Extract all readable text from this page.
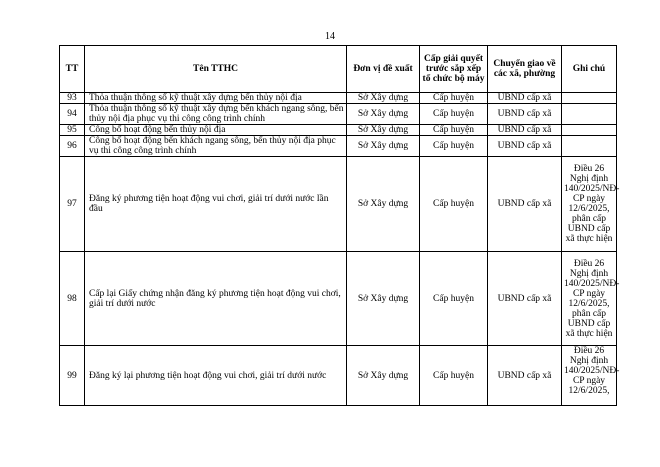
14
TT	Tên TTHC	Đơn vị đề xuất	Cấp giải quyết trước sắp xếp tổ chức bộ máy	Chuyển giao về các xã, phường	Ghi chú
93	Thỏa thuận thông số kỹ thuật xây dựng bến thủy nội địa	Sở Xây dựng	Cấp huyện	UBND cấp xã	
94	Thỏa thuận thông số kỹ thuật xây dựng bến khách ngang sông, bến thủy nội địa phục vụ thi công công trình chính	Sở Xây dựng	Cấp huyện	UBND cấp xã	
95	Công bố hoạt động bến thủy nội địa	Sở Xây dựng	Cấp huyện	UBND cấp xã	
96	Công bố hoạt động bến khách ngang sông, bến thủy nội địa phục vụ thi công công trình chính	Sở Xây dựng	Cấp huyện	UBND cấp xã	
97	Đăng ký phương tiện hoạt động vui chơi, giải trí dưới nước lần đầu	Sở Xây dựng	Cấp huyện	UBND cấp xã	Điều 26 Nghị định 140/2025/NĐ-CP ngày 12/6/2025, phân cấp UBND cấp xã thực hiện
98	Cấp lại Giấy chứng nhận đăng ký phương tiện hoạt động vui chơi, giải trí dưới nước	Sở Xây dựng	Cấp huyện	UBND cấp xã	Điều 26 Nghị định 140/2025/NĐ-CP ngày 12/6/2025, phân cấp UBND cấp xã thực hiện
99	Đăng ký lại phương tiện hoạt động vui chơi, giải trí dưới nước	Sở Xây dựng	Cấp huyện	UBND cấp xã	Điều 26 Nghị định 140/2025/NĐ-CP ngày 12/6/2025,
